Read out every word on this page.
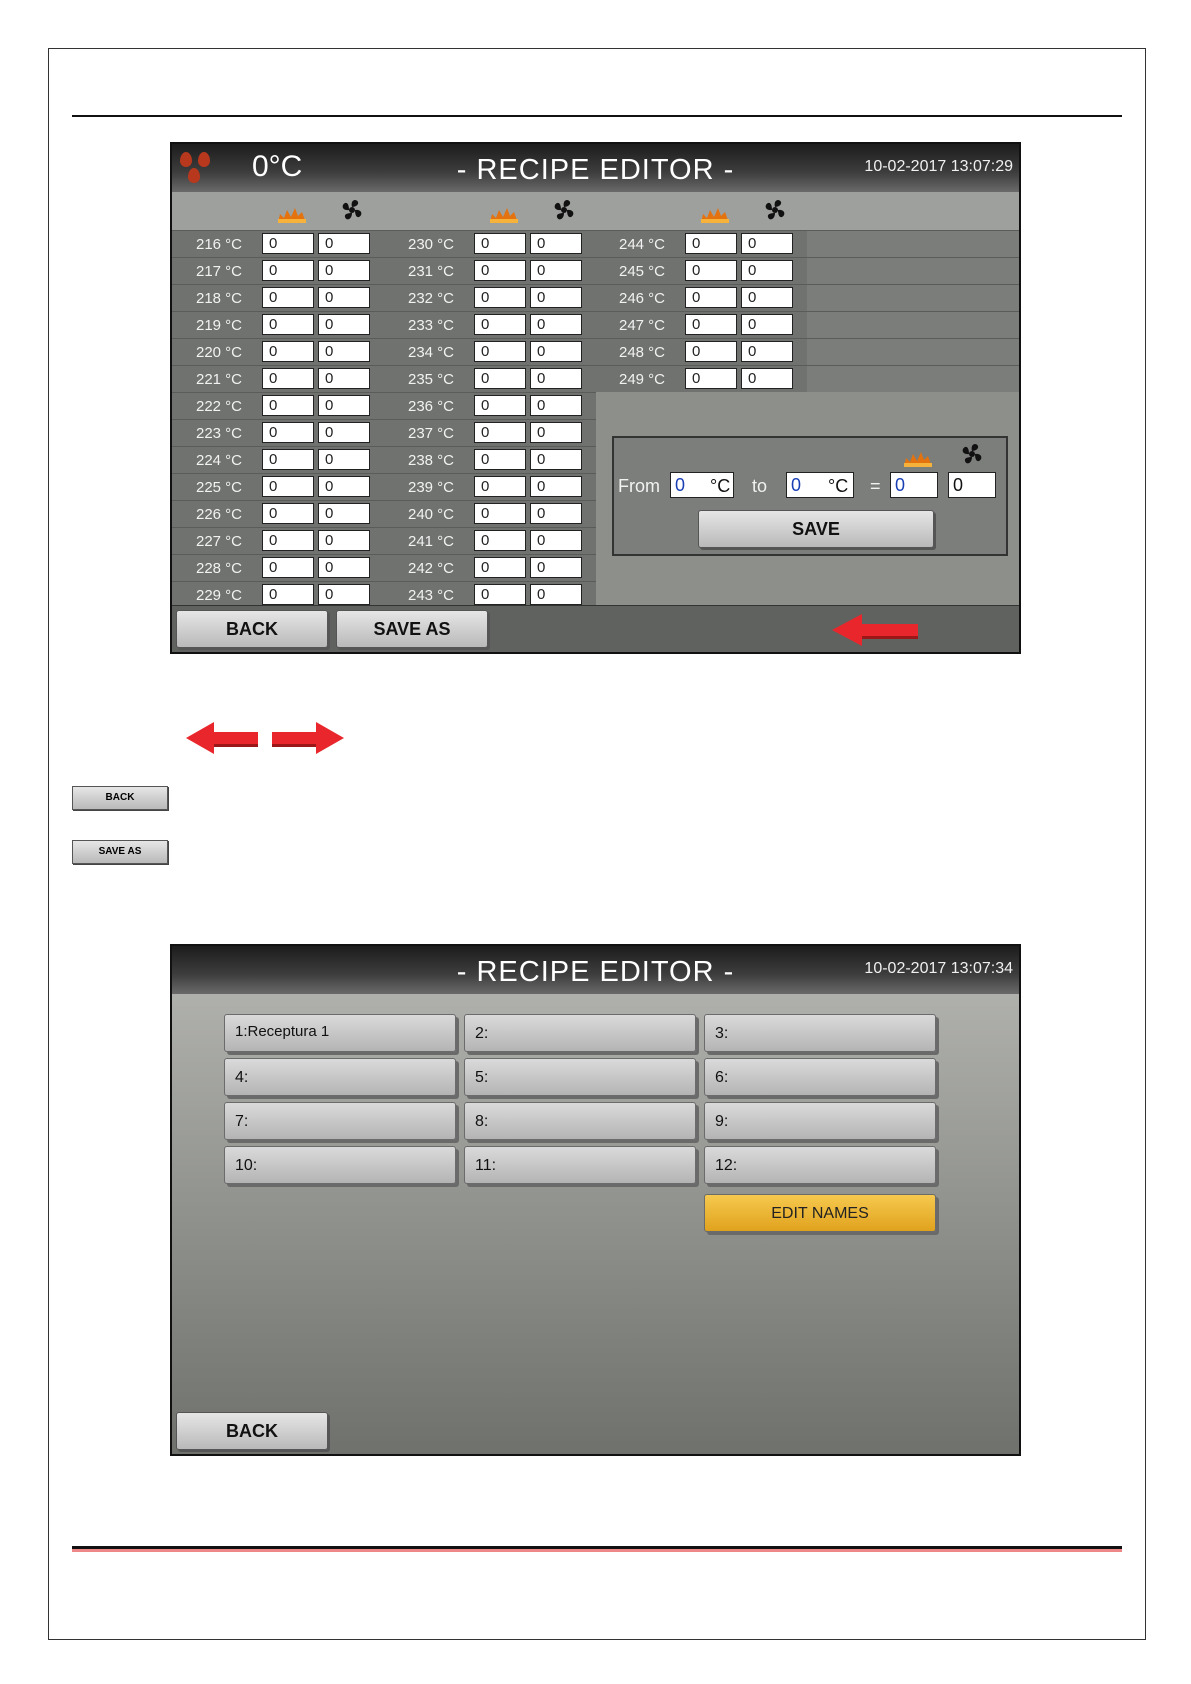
0°C	- RECIPE EDITOR -	10-02-2017 13:07:29
216 °C	0	0
217 °C	0	0
218 °C	0	0
219 °C	0	0
220 °C	0	0
221 °C	0	0
222 °C	0	0
223 °C	0	0
224 °C	0	0
225 °C	0	0
226 °C	0	0
227 °C	0	0
228 °C	0	0
229 °C	0	0
230 °C	0	0
231 °C	0	0
232 °C	0	0
233 °C	0	0
234 °C	0	0
235 °C	0	0
236 °C	0	0
237 °C	0	0
238 °C	0	0
239 °C	0	0
240 °C	0	0
241 °C	0	0
242 °C	0	0
243 °C	0	0
244 °C	0	0
245 °C	0	0
246 °C	0	0
247 °C	0	0
248 °C	0	0
249 °C	0	0
From 0	°C to 0	°C = 0	0
SAVE
BACK	SAVE AS
BACK
SAVE AS
- RECIPE EDITOR -	10-02-2017 13:07:34
1:Receptura 1	2:	3:
4:	5:	6:
7:	8:	9:
10:	11:	12:
EDIT NAMES
BACK
